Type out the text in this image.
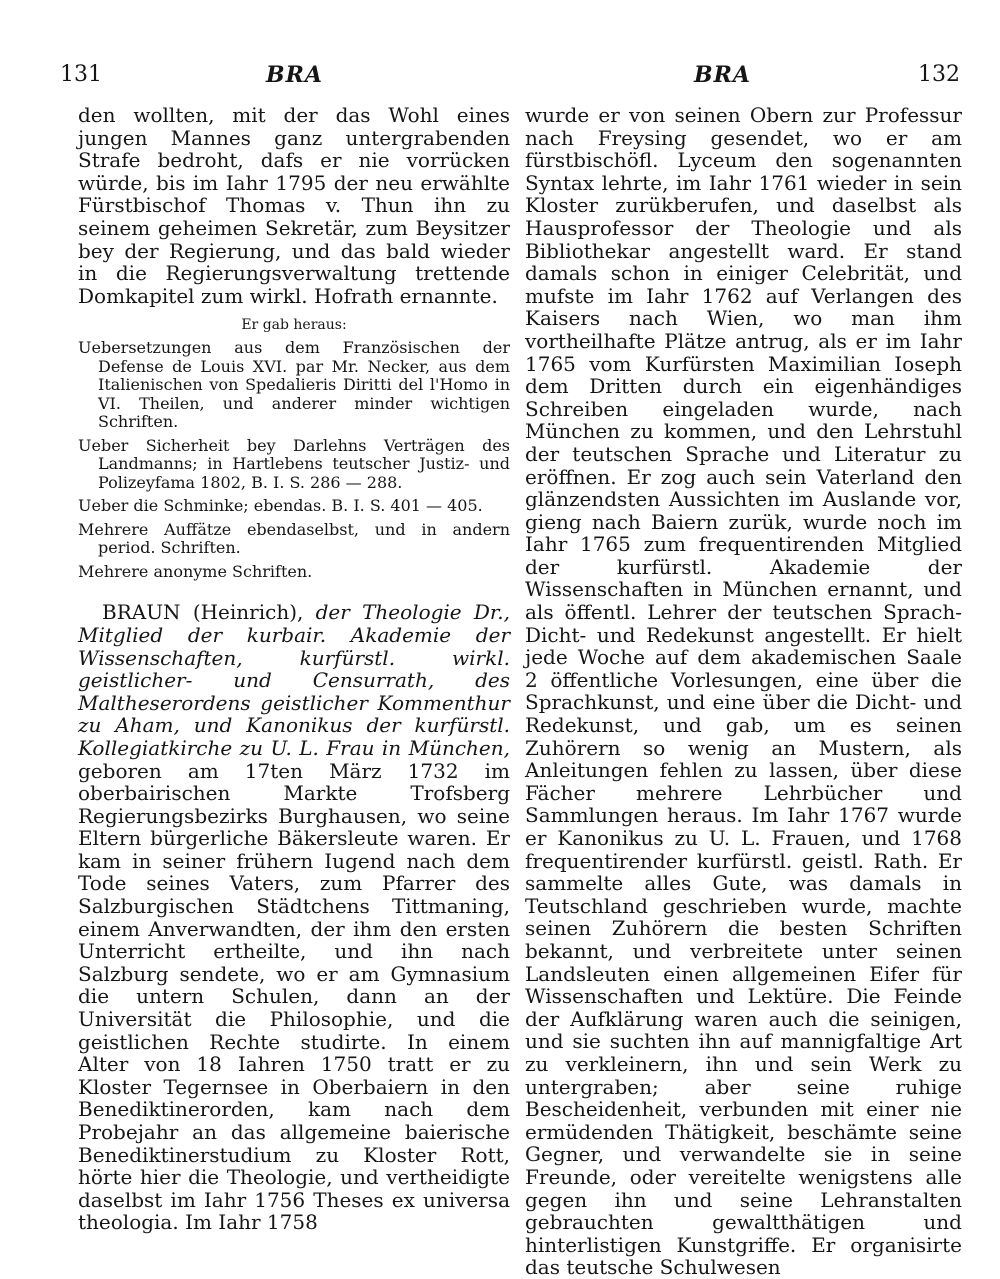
131	BRA	BRA	132

den wollten, mit der das Wohl eines jungen Mannes ganz untergrabenden Strafe bedroht, dafs er nie vorrücken würde, bis im Iahr 1795 der neu erwählte Fürstbischof Thomas v. Thun ihn zu seinem geheimen Sekretär, zum Beysitzer bey der Regierung, und das bald wieder in die Regierungsverwaltung trettende Domkapitel zum wirkl. Hofrath ernannte.

Er gab heraus:
Uebersetzungen aus dem Französischen der Defense de Louis XVI. par Mr. Necker, aus dem Italienischen von Spedalieris Diritti del l'Homo in VI. Theilen, und anderer minder wichtigen Schriften.
Ueber Sicherheit bey Darlehns Verträgen des Landmanns; in Hartlebens teutscher Justiz- und Polizeyfama 1802, B. I. S. 286 — 288.
Ueber die Schminke; ebendas. B. I. S. 401 — 405.
Mehrere Auffätze ebendaselbst, und in andern period. Schriften.
Mehrere anonyme Schriften.

BRAUN (Heinrich), der Theologie Dr., Mitglied der kurbair. Akademie der Wissenschaften, kurfürstl. wirkl. geistlicher- und Censurrath, des Maltheserordens geistlicher Kommenthur zu Aham, und Kanonikus der kurfürstl. Kollegiatkirche zu U. L. Frau in München, geboren am 17ten März 1732 im oberbairischen Markte Trofsberg Regierungsbezirks Burghausen, wo seine Eltern bürgerliche Bäkersleute waren. Er kam in seiner frühern Iugend nach dem Tode seines Vaters, zum Pfarrer des Salzburgischen Städtchens Tittmaning, einem Anverwandten, der ihm den ersten Unterricht ertheilte, und ihn nach Salzburg sendete, wo er am Gymnasium die untern Schulen, dann an der Universität die Philosophie, und die geistlichen Rechte studirte. In einem Alter von 18 Iahren 1750 tratt er zu Kloster Tegernsee in Oberbaiern in den Benediktinerorden, kam nach dem Probejahr an das allgemeine baierische Benediktinerstudium zu Kloster Rott, hörte hier die Theologie, und vertheidigte daselbst im Iahr 1756 Theses ex universa theologia. Im Iahr 1758

wurde er von seinen Obern zur Professur nach Freysing gesendet, wo er am fürstbischöfl. Lyceum den sogenannten Syntax lehrte, im Iahr 1761 wieder in sein Kloster zurükberufen, und daselbst als Hausprofessor der Theologie und als Bibliothekar angestellt ward. Er stand damals schon in einiger Celebrität, und mufste im Iahr 1762 auf Verlangen des Kaisers nach Wien, wo man ihm vortheilhafte Plätze antrug, als er im Iahr 1765 vom Kurfürsten Maximilian Ioseph dem Dritten durch ein eigenhändiges Schreiben eingeladen wurde, nach München zu kommen, und den Lehrstuhl der teutschen Sprache und Literatur zu eröffnen. Er zog auch sein Vaterland den glänzendsten Aussichten im Auslande vor, gieng nach Baiern zurük, wurde noch im Iahr 1765 zum frequentirenden Mitglied der kurfürstl. Akademie der Wissenschaften in München ernannt, und als öffentl. Lehrer der teutschen Sprach- Dicht- und Redekunst angestellt. Er hielt jede Woche auf dem akademischen Saale 2 öffentliche Vorlesungen, eine über die Sprachkunst, und eine über die Dicht- und Redekunst, und gab, um es seinen Zuhörern so wenig an Mustern, als Anleitungen fehlen zu lassen, über diese Fächer mehrere Lehrbücher und Sammlungen heraus. Im Iahr 1767 wurde er Kanonikus zu U. L. Frauen, und 1768 frequentirender kurfürstl. geistl. Rath. Er sammelte alles Gute, was damals in Teutschland geschrieben wurde, machte seinen Zuhörern die besten Schriften bekannt, und verbreitete unter seinen Landsleuten einen allgemeinen Eifer für Wissenschaften und Lektüre. Die Feinde der Aufklärung waren auch die seinigen, und sie suchten ihn auf mannigfaltige Art zu verkleinern, ihn und sein Werk zu untergraben; aber seine ruhige Bescheidenheit, verbunden mit einer nie ermüdenden Thätigkeit, beschämte seine Gegner, und verwandelte sie in seine Freunde, oder vereitelte wenigstens alle gegen ihn und seine Lehranstalten gebrauchten gewaltthätigen und hinterlistigen Kunstgriffe. Er organisirte das teutsche Schulwesen
